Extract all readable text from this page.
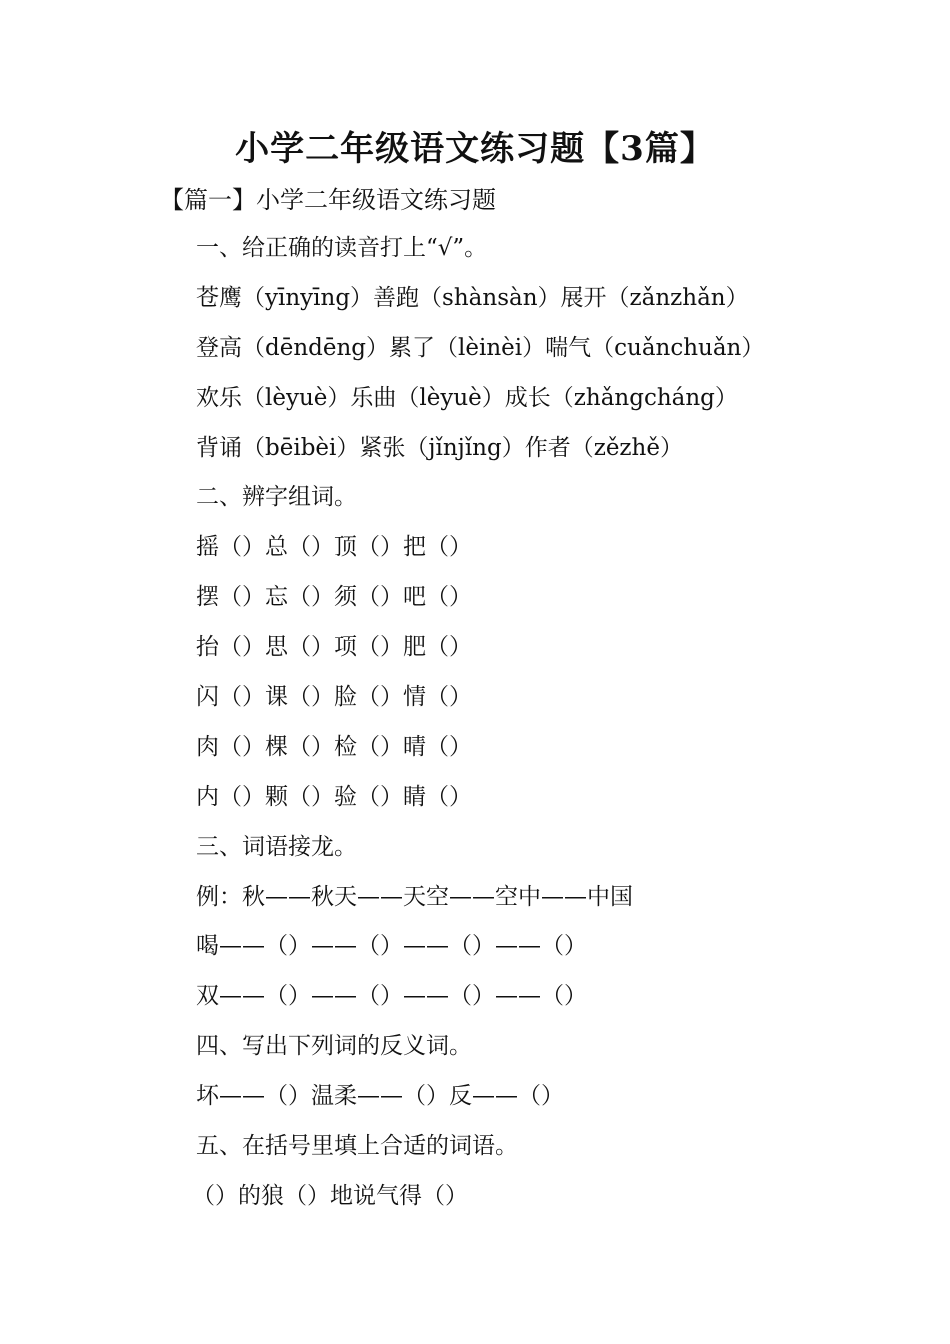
小学二年级语文练习题【3篇】
【篇一】小学二年级语文练习题
一、给正确的读音打上“√”。
苍鹰（yīnyīng）善跑（shànsàn）展开（zǎnzhǎn）
登高（dēndēng）累了（lèinèi）喘气（cuǎnchuǎn）
欢乐（lèyuè）乐曲（lèyuè）成长（zhǎngcháng）
背诵（bēibèi）紧张（jǐnjǐng）作者（zězhě）
二、辨字组词。
摇（）总（）顶（）把（）
摆（）忘（）须（）吧（）
抬（）思（）项（）肥（）
闪（）课（）脸（）情（）
肉（）棵（）检（）晴（）
内（）颗（）验（）睛（）
三、词语接龙。
例：秋——秋天——天空——空中——中国
喝——（）——（）——（）——（）
双——（）——（）——（）——（）
四、写出下列词的反义词。
坏——（）温柔——（）反——（）
五、在括号里填上合适的词语。
（）的狼（）地说气得（）
